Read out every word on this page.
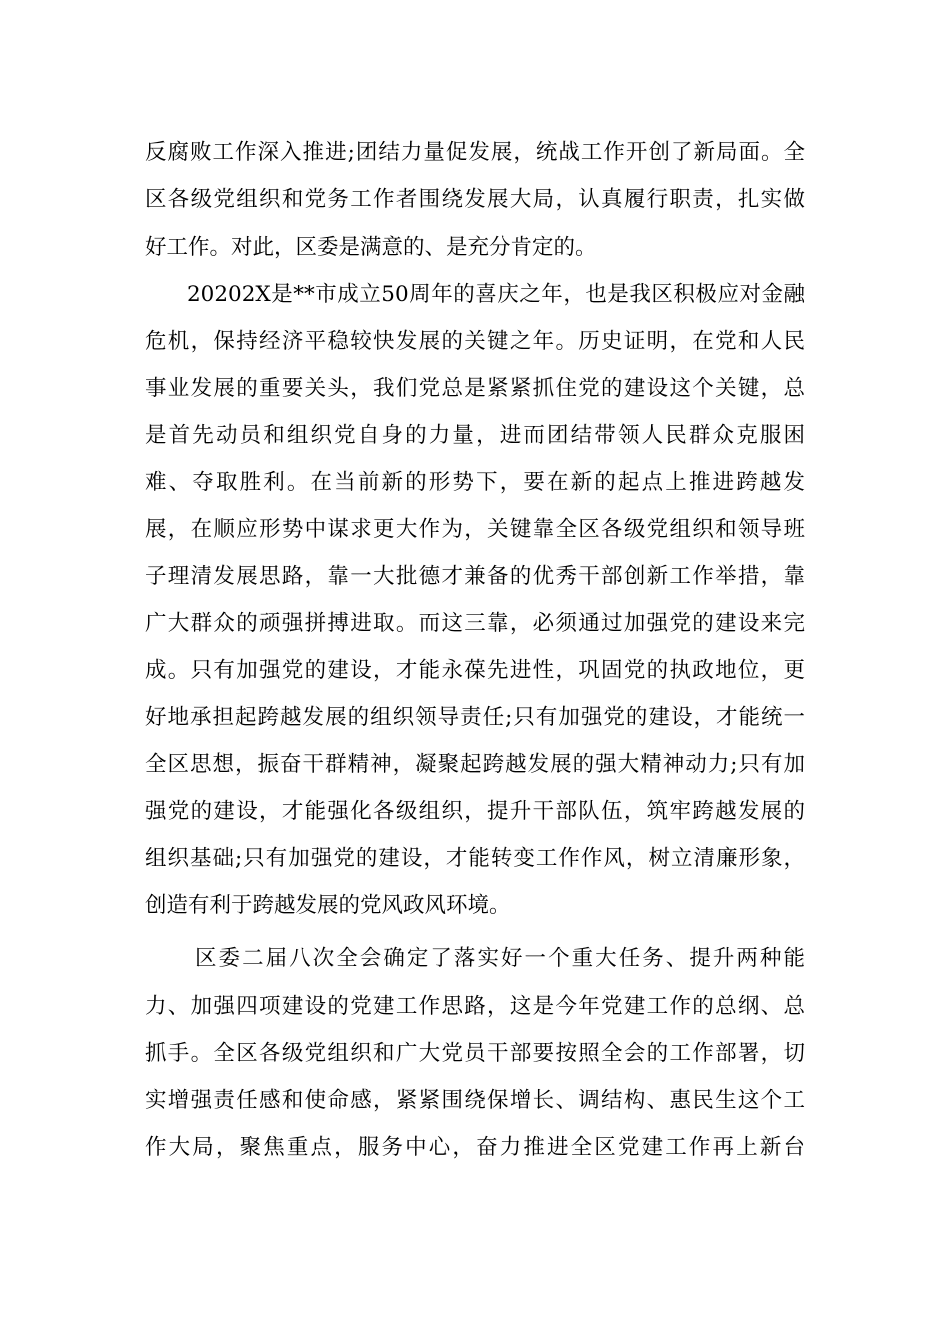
反腐败工作深入推进;团结力量促发展，统战工作开创了新局面。全
区各级党组织和党务工作者围绕发展大局，认真履行职责，扎实做
好工作。对此，区委是满意的、是充分肯定的。
20202X是**市成立50周年的喜庆之年，也是我区积极应对金融
危机，保持经济平稳较快发展的关键之年。历史证明，在党和人民
事业发展的重要关头，我们党总是紧紧抓住党的建设这个关键，总
是首先动员和组织党自身的力量，进而团结带领人民群众克服困
难、夺取胜利。在当前新的形势下，要在新的起点上推进跨越发
展，在顺应形势中谋求更大作为，关键靠全区各级党组织和领导班
子理清发展思路，靠一大批德才兼备的优秀干部创新工作举措，靠
广大群众的顽强拼搏进取。而这三靠，必须通过加强党的建设来完
成。只有加强党的建设，才能永葆先进性，巩固党的执政地位，更
好地承担起跨越发展的组织领导责任;只有加强党的建设，才能统一
全区思想，振奋干群精神，凝聚起跨越发展的强大精神动力;只有加
强党的建设，才能强化各级组织，提升干部队伍，筑牢跨越发展的
组织基础;只有加强党的建设，才能转变工作作风，树立清廉形象，
创造有利于跨越发展的党风政风环境。
区委二届八次全会确定了落实好一个重大任务、提升两种能
力、加强四项建设的党建工作思路，这是今年党建工作的总纲、总
抓手。全区各级党组织和广大党员干部要按照全会的工作部署，切
实增强责任感和使命感，紧紧围绕保增长、调结构、惠民生这个工
作大局，聚焦重点，服务中心，奋力推进全区党建工作再上新台
